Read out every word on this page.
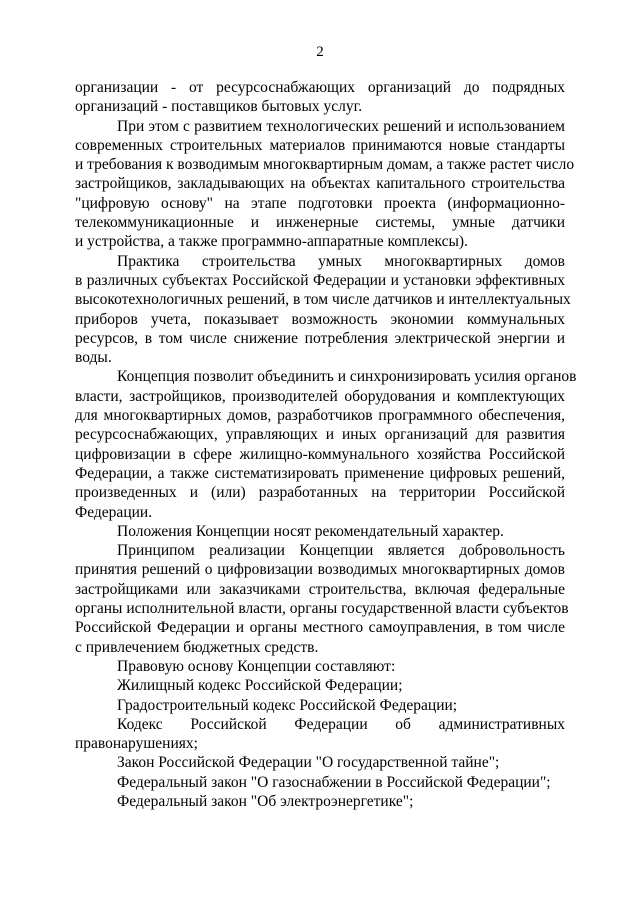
2
организации - от ресурсоснабжающих организаций до подрядных
организаций - поставщиков бытовых услуг.
При этом с развитием технологических решений и использованием
современных строительных материалов принимаются новые стандарты
и требования к возводимым многоквартирным домам, а также растет число
застройщиков, закладывающих на объектах капитального строительства
"цифровую основу" на этапе подготовки проекта (информационно-
телекоммуникационные и инженерные системы, умные датчики
и устройства, а также программно-аппаратные комплексы).
Практика строительства умных многоквартирных домов
в различных субъектах Российской Федерации и установки эффективных
высокотехнологичных решений, в том числе датчиков и интеллектуальных
приборов учета, показывает возможность экономии коммунальных
ресурсов, в том числе снижение потребления электрической энергии и
воды.
Концепция позволит объединить и синхронизировать усилия органов
власти, застройщиков, производителей оборудования и комплектующих
для многоквартирных домов, разработчиков программного обеспечения,
ресурсоснабжающих, управляющих и иных организаций для развития
цифровизации в сфере жилищно-коммунального хозяйства Российской
Федерации, а также систематизировать применение цифровых решений,
произведенных и (или) разработанных на территории Российской
Федерации.
Положения Концепции носят рекомендательный характер.
Принципом реализации Концепции является добровольность
принятия решений о цифровизации возводимых многоквартирных домов
застройщиками или заказчиками строительства, включая федеральные
органы исполнительной власти, органы государственной власти субъектов
Российской Федерации и органы местного самоуправления, в том числе
с привлечением бюджетных средств.
Правовую основу Концепции составляют:
Жилищный кодекс Российской Федерации;
Градостроительный кодекс Российской Федерации;
Кодекс Российской Федерации об административных
правонарушениях;
Закон Российской Федерации "О государственной тайне";
Федеральный закон "О газоснабжении в Российской Федерации";
Федеральный закон "Об электроэнергетике";
